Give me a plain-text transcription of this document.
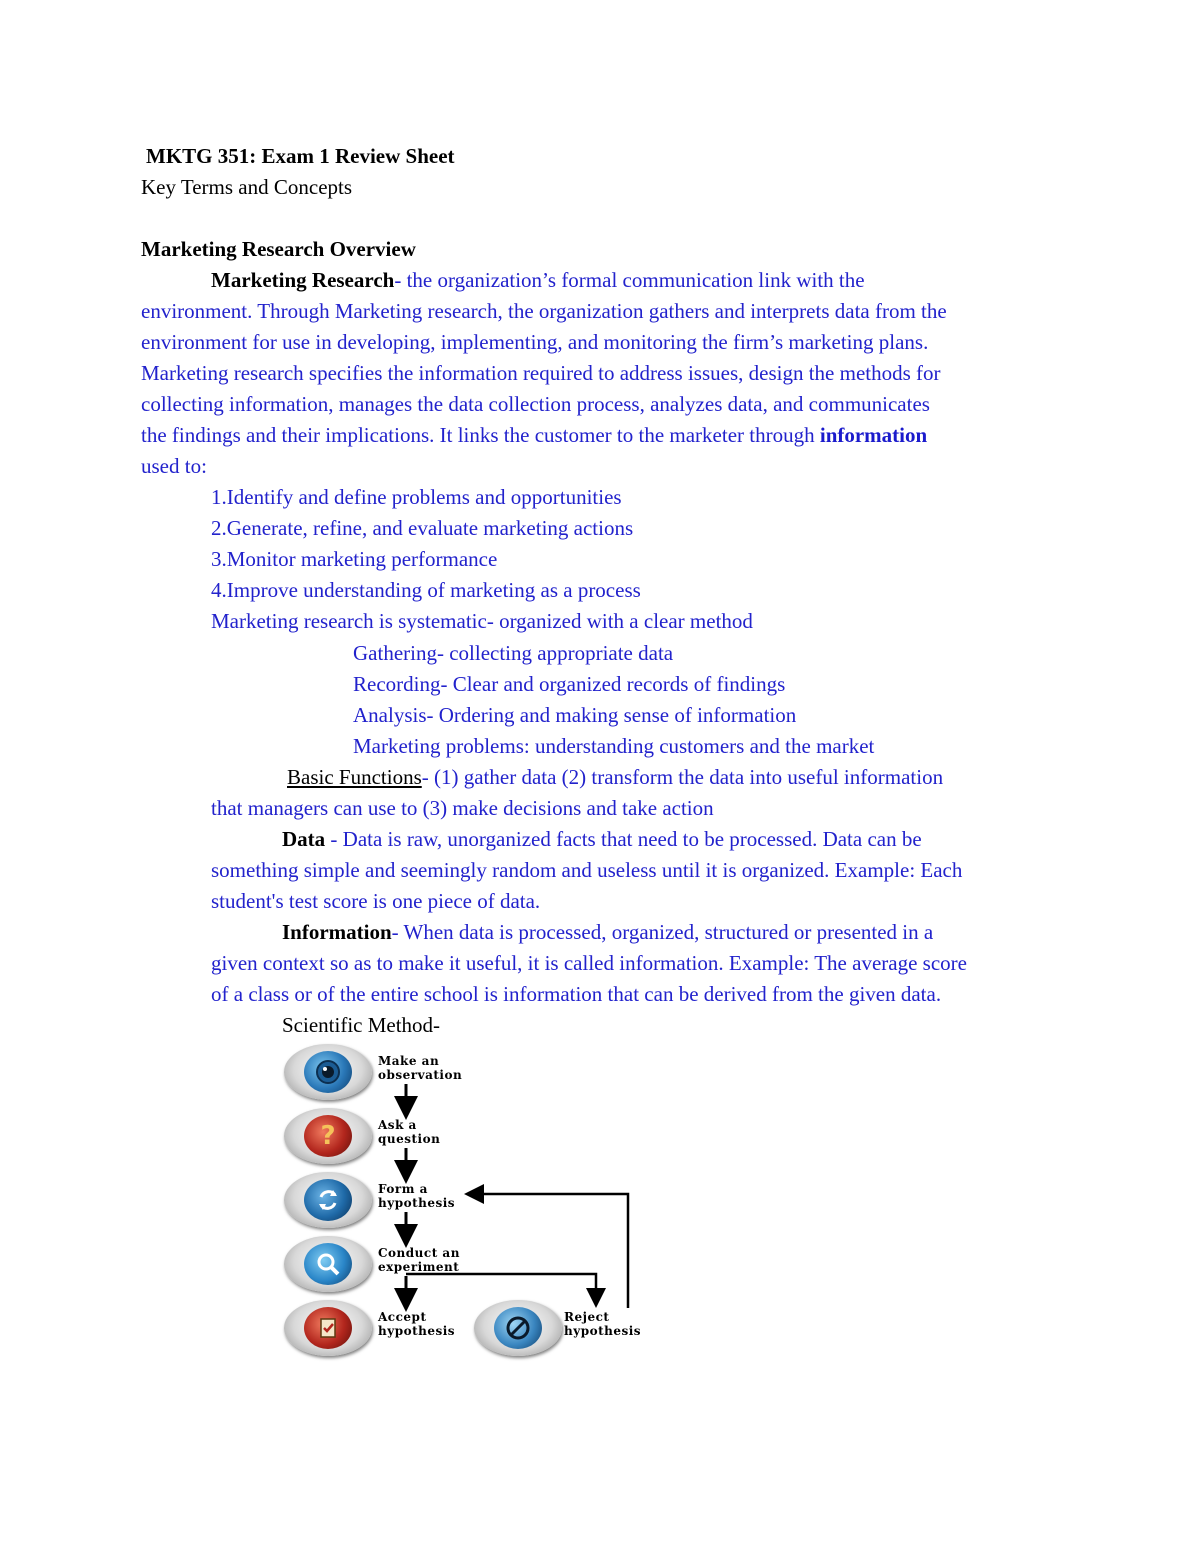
MKTG 351: Exam 1 Review Sheet
Key Terms and Concepts
Marketing Research Overview
Marketing Research- the organization’s formal communication link with the
environment. Through Marketing research, the organization gathers and interprets data from the
environment for use in developing, implementing, and monitoring the firm’s marketing plans.
Marketing research specifies the information required to address issues, design the methods for
collecting information, manages the data collection process, analyzes data, and communicates
the findings and their implications. It links the customer to the marketer through information
used to:
1.Identify and define problems and opportunities
2.Generate, refine, and evaluate marketing actions
3.Monitor marketing performance
4.Improve understanding of marketing as a process
Marketing research is systematic- organized with a clear method
Gathering- collecting appropriate data
Recording- Clear and organized records of findings
Analysis- Ordering and making sense of information
Marketing problems: understanding customers and the market
Basic Functions- (1) gather data (2) transform the data into useful information
that managers can use to (3) make decisions and take action
Data - Data is raw, unorganized facts that need to be processed. Data can be
something simple and seemingly random and useless until it is organized. Example: Each
student's test score is one piece of data.
Information- When data is processed, organized, structured or presented in a
given context so as to make it useful, it is called information. Example: The average score
of a class or of the entire school is information that can be derived from the given data.
Scientific Method-
Make an
observation
?	Ask a
question
Form a
hypothesis
Conduct an
experiment
Accept
hypothesis
Reject
hypothesis
